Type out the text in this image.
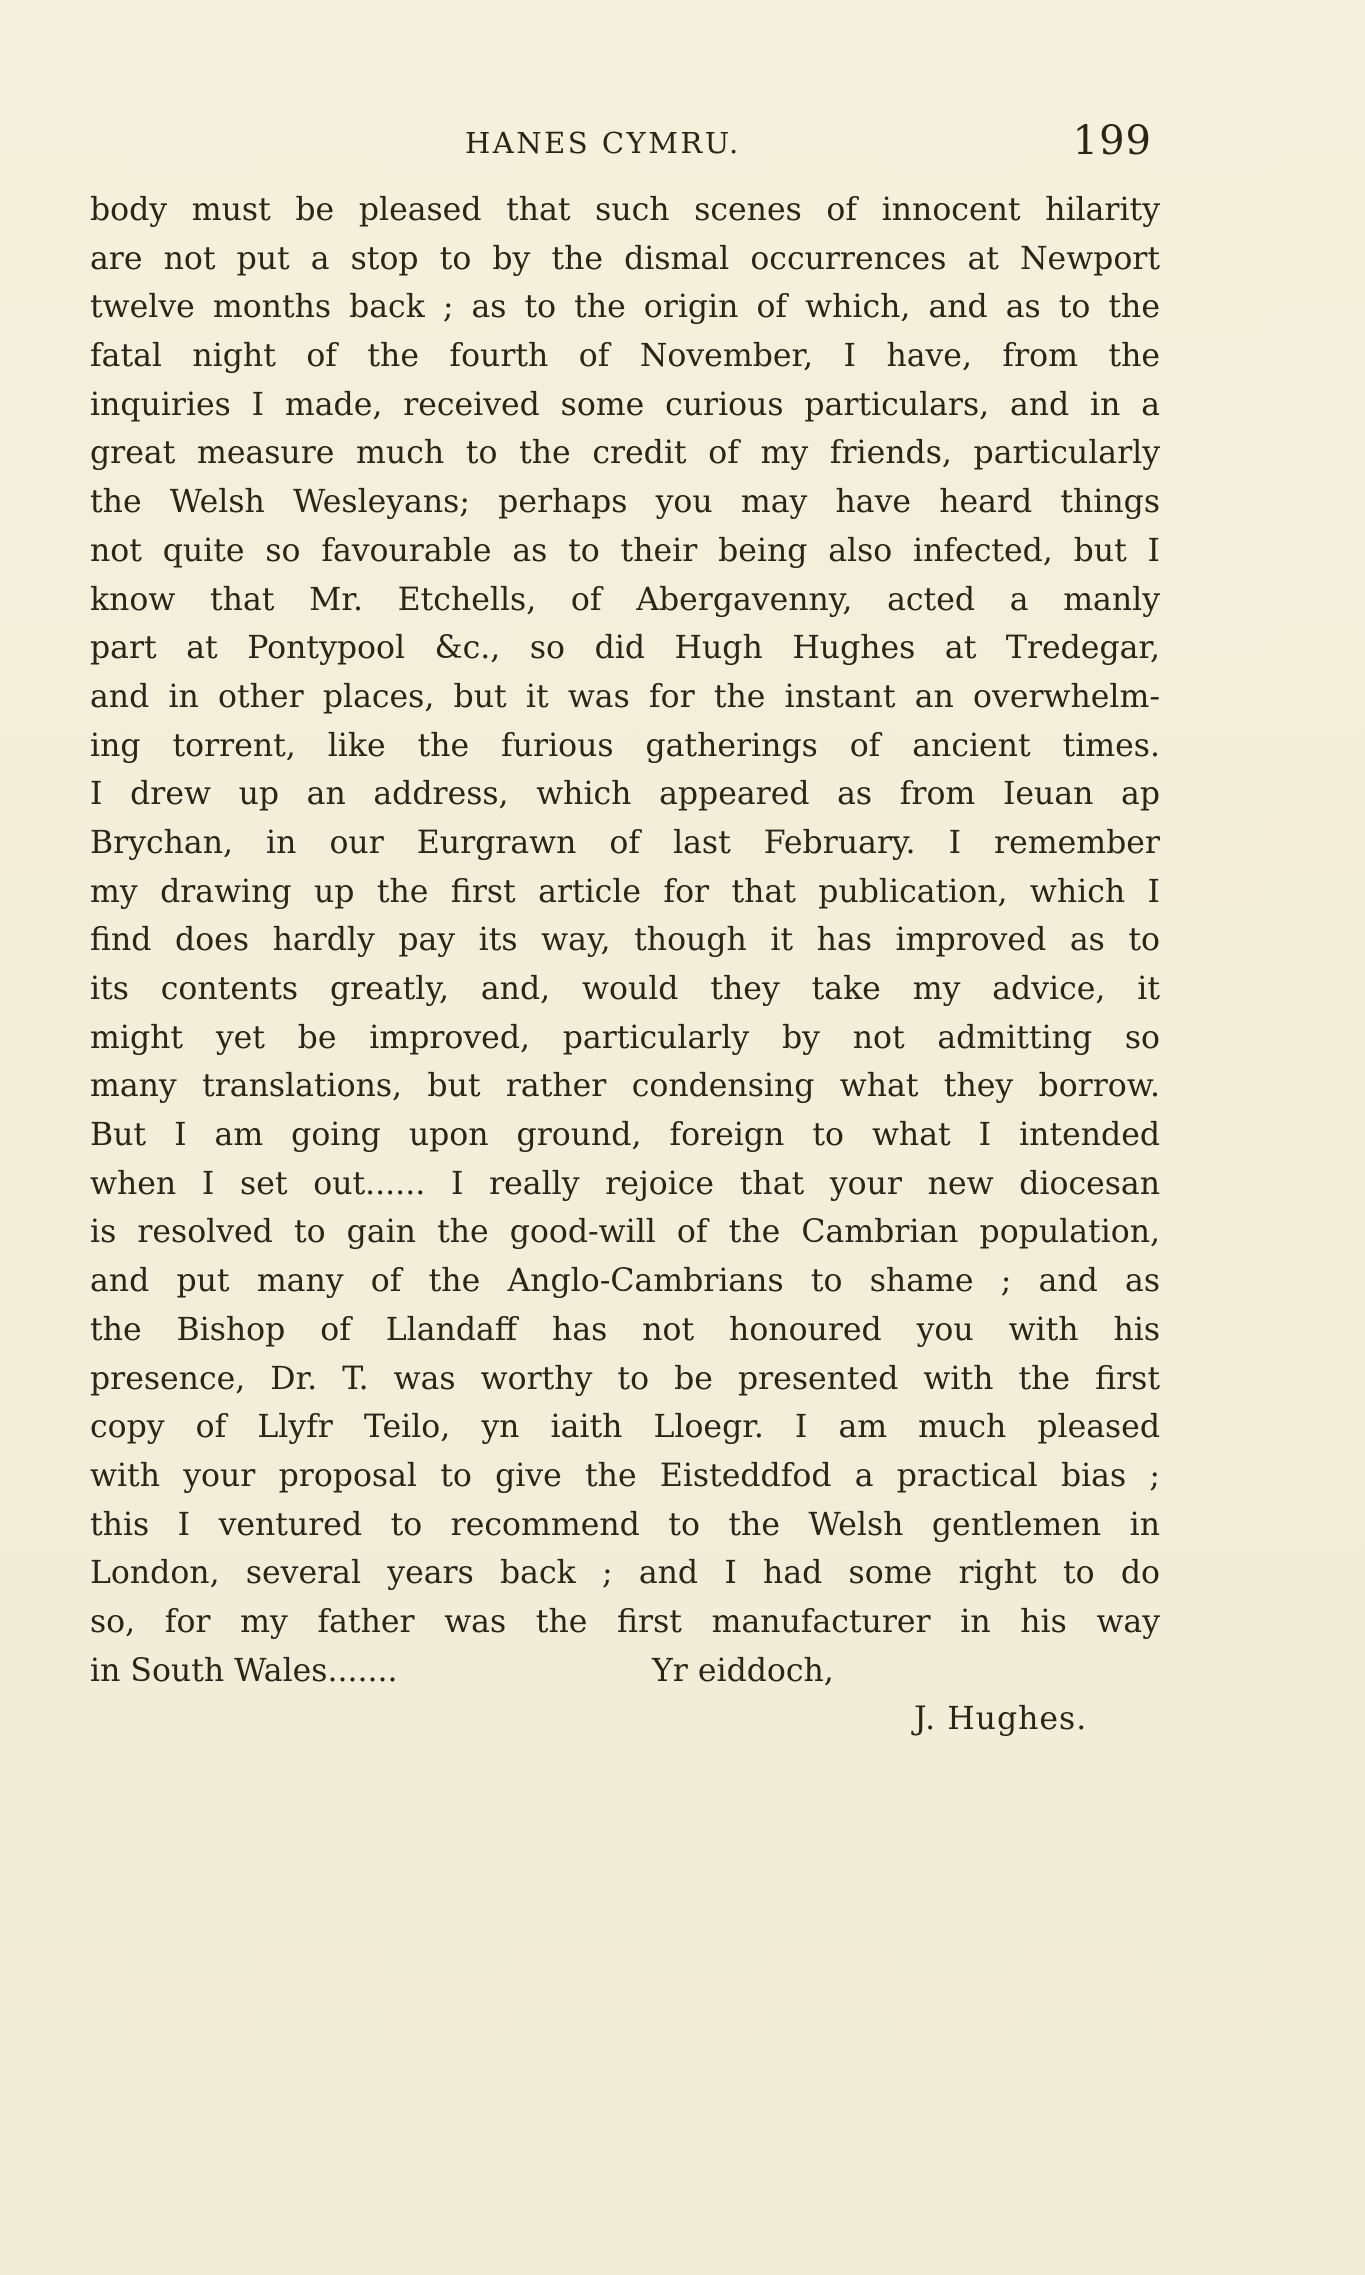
HANES CYMRU.	199
body must be pleased that such scenes of innocent hilarity
are not put a stop to by the dismal occurrences at Newport
twelve months back ; as to the origin of which, and as to the
fatal night of the fourth of November, I have, from the
inquiries I made, received some curious particulars, and in a
great measure much to the credit of my friends, particularly
the Welsh Wesleyans; perhaps you may have heard things
not quite so favourable as to their being also infected, but I
know that Mr. Etchells, of Abergavenny, acted a manly
part at Pontypool &c., so did Hugh Hughes at Tredegar,
and in other places, but it was for the instant an overwhelm-
ing torrent, like the furious gatherings of ancient times.
I drew up an address, which appeared as from Ieuan ap
Brychan, in our Eurgrawn of last February. I remember
my drawing up the first article for that publication, which I
find does hardly pay its way, though it has improved as to
its contents greatly, and, would they take my advice, it
might yet be improved, particularly by not admitting so
many translations, but rather condensing what they borrow.
But I am going upon ground, foreign to what I intended
when I set out...... I really rejoice that your new diocesan
is resolved to gain the good-will of the Cambrian population,
and put many of the Anglo-Cambrians to shame ; and as
the Bishop of Llandaff has not honoured you with his
presence, Dr. T. was worthy to be presented with the first
copy of Llyfr Teilo, yn iaith Lloegr. I am much pleased
with your proposal to give the Eisteddfod a practical bias ;
this I ventured to recommend to the Welsh gentlemen in
London, several years back ; and I had some right to do
so, for my father was the first manufacturer in his way
in South Wales.......	Yr eiddoch,
J. Hughes.
